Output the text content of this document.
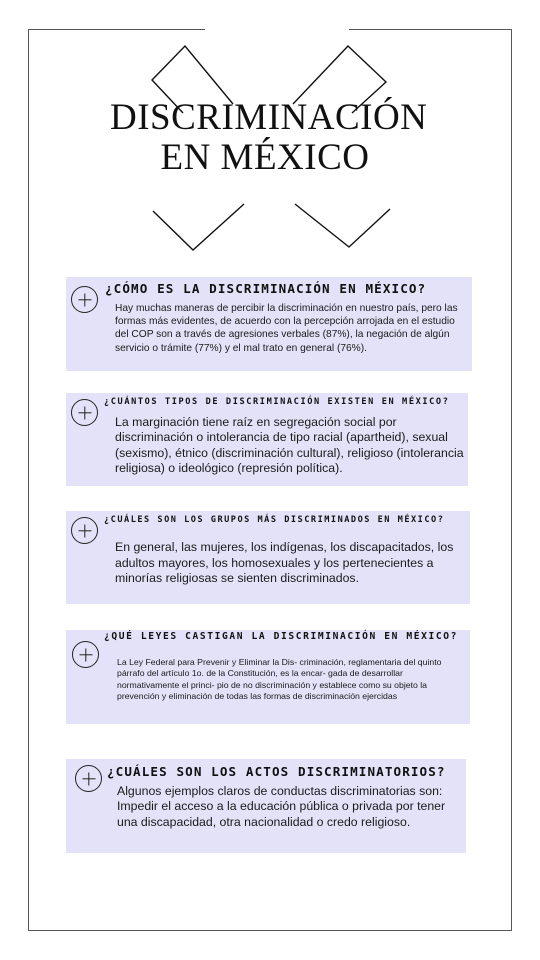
DISCRIMINACIÓN
EN MÉXICO
¿CÓMO ES LA DISCRIMINACIÓN EN MÉXICO?
Hay muchas maneras de percibir la discriminación en nuestro país, pero las formas más evidentes, de acuerdo con la percepción arrojada en el estudio del COP son a través de agresiones verbales (87%), la negación de algún servicio o trámite (77%) y el mal trato en general (76%).
¿CUÁNTOS TIPOS DE DISCRIMINACIÓN EXISTEN EN MÉXICO?
La marginación tiene raíz en segregación social por discriminación o intolerancia de tipo racial (apartheid), sexual (sexismo), étnico (discriminación cultural), religioso (intolerancia religiosa) o ideológico (represión política).
¿CUÁLES SON LOS GRUPOS MÁS DISCRIMINADOS EN MÉXICO?
En general, las mujeres, los indígenas, los discapacitados, los adultos mayores, los homosexuales y los pertenecientes a minorías religiosas se sienten discriminados.
¿QUÉ LEYES CASTIGAN LA DISCRIMINACIÓN EN MÉXICO?
La Ley Federal para Prevenir y Eliminar la Dis- criminación, reglamentaria del quinto párrafo del artículo 1o. de la Constitución, es la encar- gada de desarrollar normativamente el princi- pio de no discriminación y establece como su objeto la prevención y eliminación de todas las formas de discriminación ejercidas
¿CUÁLES SON LOS ACTOS DISCRIMINATORIOS?
Algunos ejemplos claros de conductas discriminatorias son: Impedir el acceso a la educación pública o privada por tener una discapacidad, otra nacionalidad o credo religioso.
